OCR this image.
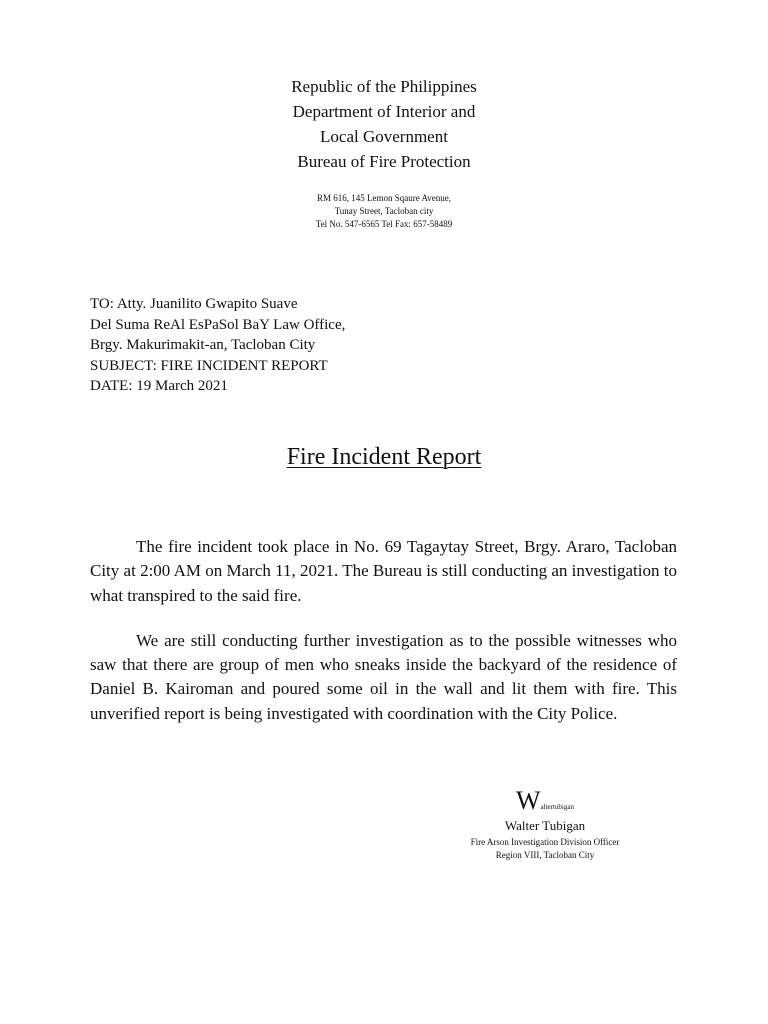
Republic of the Philippines
Department of Interior and
Local Government
Bureau of Fire Protection
RM 616, 145 Lemon Sqaure Avenue,
Tunay Street, Tacloban city
Tel No. 547-6565 Tel Fax: 657-58489
TO: Atty. Juanilito Gwapito Suave
Del Suma ReAl EsPaSol BaY Law Office,
Brgy. Makurimakit-an, Tacloban City
SUBJECT: FIRE INCIDENT REPORT
DATE: 19 March 2021
Fire Incident Report

The fire incident took place in No. 69 Tagaytay Street, Brgy. Araro, Tacloban City at 2:00 AM on March 11, 2021. The Bureau is still conducting an investigation to what transpired to the said fire.

We are still conducting further investigation as to the possible witnesses who saw that there are group of men who sneaks inside the backyard of the residence of Daniel B. Kairoman and poured some oil in the wall and lit them with fire. This unverified report is being investigated with coordination with the City Police.

Waltertubigan
Walter Tubigan
Fire Arson Investigation Division Officer
Region VIII, Tacloban City
